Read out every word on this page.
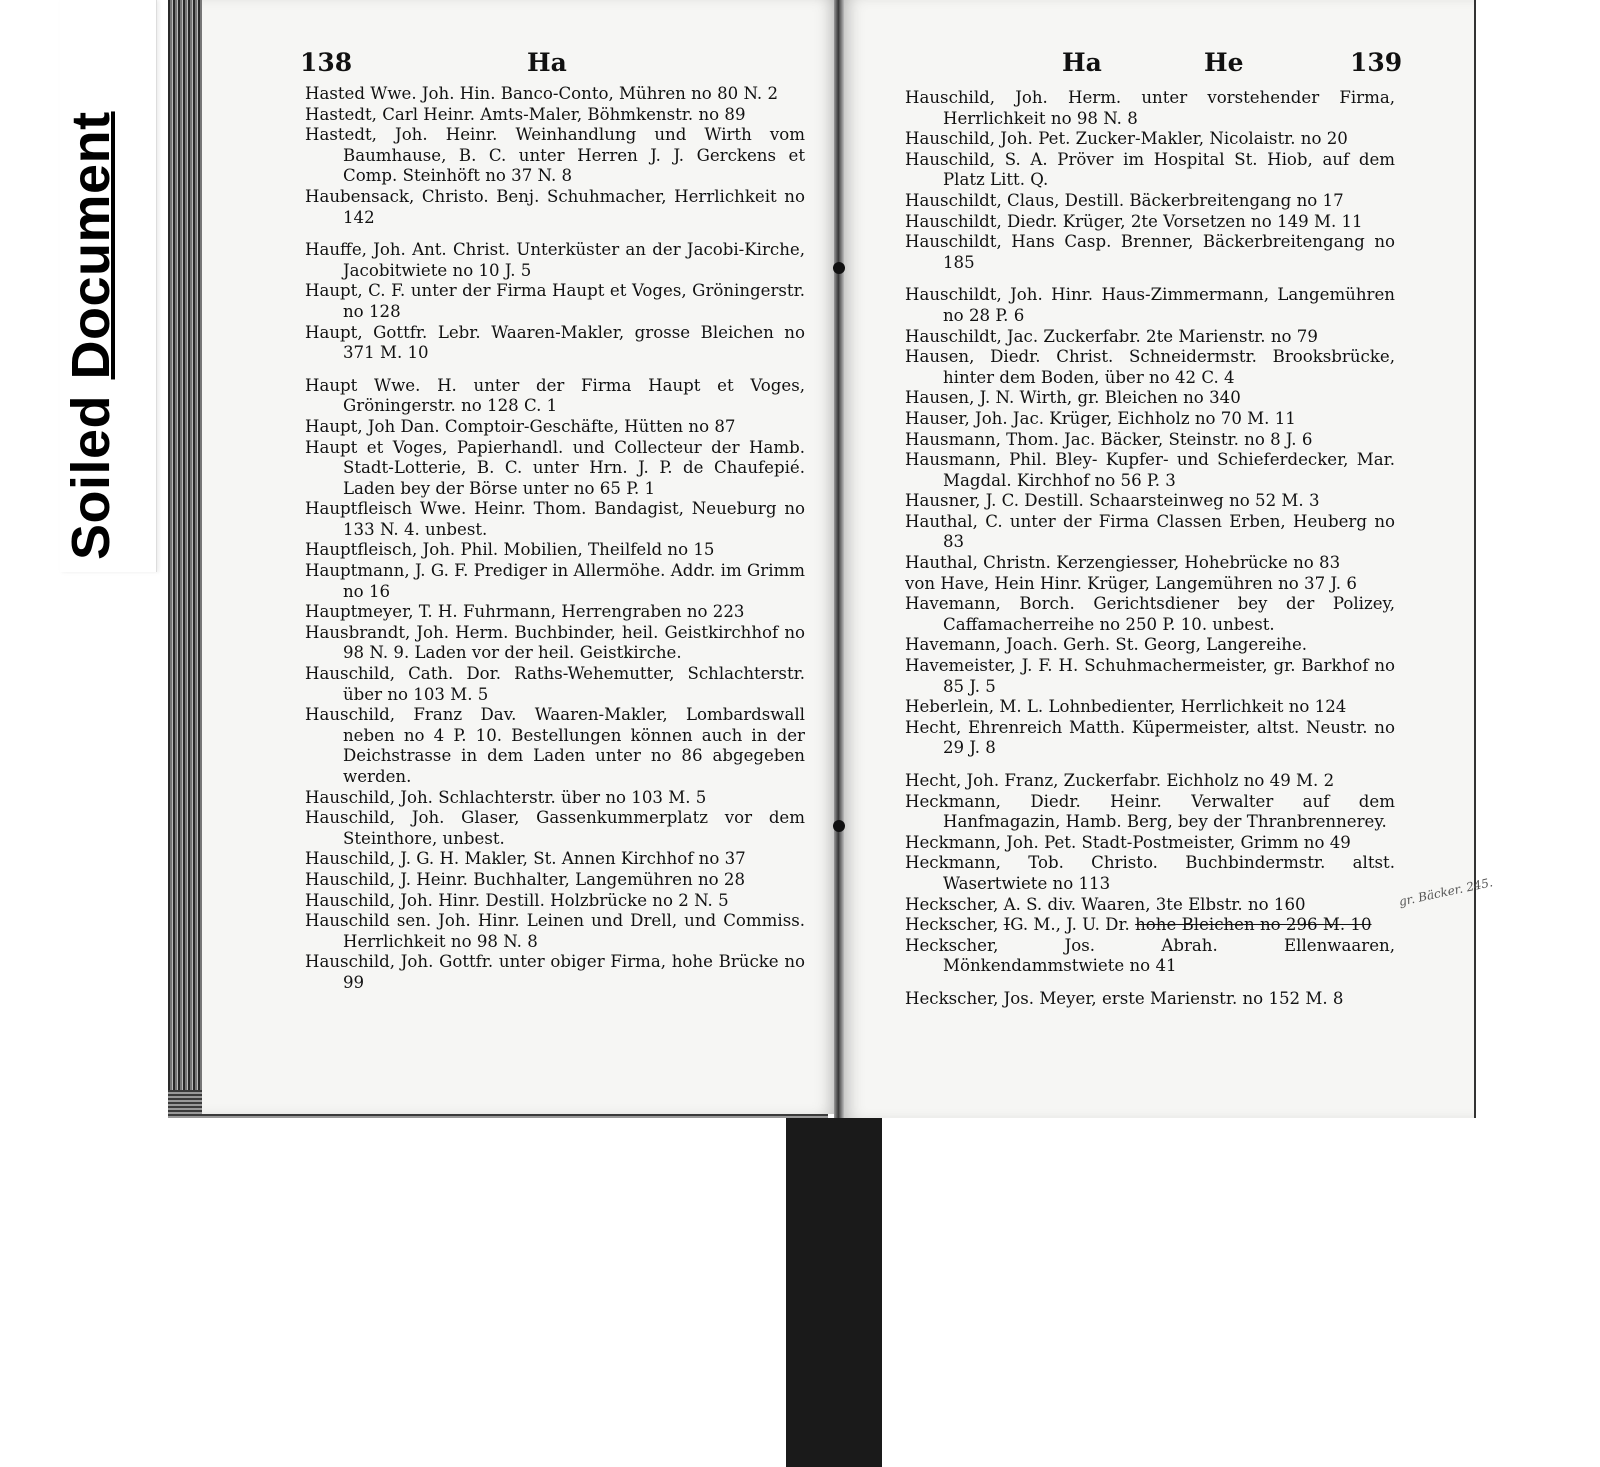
Soiled Document
138	Ha	Ha	He	139
Hasted Wwe. Joh. Hin. Banco-Conto, Mühren no 80 N. 2
Hastedt, Carl Heinr. Amts-Maler, Böhmkenstr. no 89
Hastedt, Joh. Heinr. Weinhandlung und Wirth vom Baumhause, B. C. unter Herren J. J. Gerckens et Comp. Steinhöft no 37 N. 8
Haubensack, Christo. Benj. Schuhmacher, Herrlichkeit no 142
Hauffe, Joh. Ant. Christ. Unterküster an der Jacobi-Kirche, Jacobitwiete no 10 J. 5
Haupt, C. F. unter der Firma Haupt et Voges, Gröningerstr. no 128
Haupt, Gottfr. Lebr. Waaren-Makler, grosse Bleichen no 371 M. 10
Haupt Wwe. H. unter der Firma Haupt et Voges, Gröningerstr. no 128 C. 1
Haupt, Joh Dan. Comptoir-Geschäfte, Hütten no 87
Haupt et Voges, Papierhandl. und Collecteur der Hamb. Stadt-Lotterie, B. C. unter Hrn. J. P. de Chaufepié. Laden bey der Börse unter no 65 P. 1
Hauptfleisch Wwe. Heinr. Thom. Bandagist, Neueburg no 133 N. 4. unbest.
Hauptfleisch, Joh. Phil. Mobilien, Theilfeld no 15
Hauptmann, J. G. F. Prediger in Allermöhe. Addr. im Grimm no 16
Hauptmeyer, T. H. Fuhrmann, Herrengraben no 223
Hausbrandt, Joh. Herm. Buchbinder, heil. Geistkirchhof no 98 N. 9. Laden vor der heil. Geistkirche.
Hauschild, Cath. Dor. Raths-Wehemutter, Schlachterstr. über no 103 M. 5
Hauschild, Franz Dav. Waaren-Makler, Lombardswall neben no 4 P. 10. Bestellungen können auch in der Deichstrasse in dem Laden unter no 86 abgegeben werden.
Hauschild, Joh. Schlachterstr. über no 103 M. 5
Hauschild, Joh. Glaser, Gassenkummerplatz vor dem Steinthore, unbest.
Hauschild, J. G. H. Makler, St. Annen Kirchhof no 37
Hauschild, J. Heinr. Buchhalter, Langemühren no 28
Hauschild, Joh. Hinr. Destill. Holzbrücke no 2 N. 5
Hauschild sen. Joh. Hinr. Leinen und Drell, und Commiss. Herrlichkeit no 98 N. 8
Hauschild, Joh. Gottfr. unter obiger Firma, hohe Brücke no 99
Hauschild, Joh. Herm. unter vorstehender Firma, Herrlichkeit no 98 N. 8
Hauschild, Joh. Pet. Zucker-Makler, Nicolaistr. no 20
Hauschild, S. A. Pröver im Hospital St. Hiob, auf dem Platz Litt. Q.
Hauschildt, Claus, Destill. Bäckerbreitengang no 17
Hauschildt, Diedr. Krüger, 2te Vorsetzen no 149 M. 11
Hauschildt, Hans Casp. Brenner, Bäckerbreitengang no 185
Hauschildt, Joh. Hinr. Haus-Zimmermann, Langemühren no 28 P. 6
Hauschildt, Jac. Zuckerfabr. 2te Marienstr. no 79
Hausen, Diedr. Christ. Schneidermstr. Brooksbrücke, hinter dem Boden, über no 42 C. 4
Hausen, J. N. Wirth, gr. Bleichen no 340
Hauser, Joh. Jac. Krüger, Eichholz no 70 M. 11
Hausmann, Thom. Jac. Bäcker, Steinstr. no 8 J. 6
Hausmann, Phil. Bley- Kupfer- und Schieferdecker, Mar. Magdal. Kirchhof no 56 P. 3
Hausner, J. C. Destill. Schaarsteinweg no 52 M. 3
Hauthal, C. unter der Firma Classen Erben, Heuberg no 83
Hauthal, Christn. Kerzengiesser, Hohebrücke no 83
von Have, Hein Hinr. Krüger, Langemühren no 37 J. 6
Havemann, Borch. Gerichtsdiener bey der Polizey, Caffamacherreihe no 250 P. 10. unbest.
Havemann, Joach. Gerh. St. Georg, Langereihe.
Havemeister, J. F. H. Schuhmachermeister, gr. Barkhof no 85 J. 5
Heberlein, M. L. Lohnbedienter, Herrlichkeit no 124
Hecht, Ehrenreich Matth. Küpermeister, altst. Neustr. no 29 J. 8
Hecht, Joh. Franz, Zuckerfabr. Eichholz no 49 M. 2
Heckmann, Diedr. Heinr. Verwalter auf dem Hanfmagazin, Hamb. Berg, bey der Thranbrennerey.
Heckmann, Joh. Pet. Stadt-Postmeister, Grimm no 49
Heckmann, Tob. Christo. Buchbindermstr. altst. Wasertwiete no 113
Heckscher, A. S. div. Waaren, 3te Elbstr. no 160
Heckscher, IG. M., J. U. Dr. hohe Bleichen no 296 M. 10
Heckscher, Jos. Abrah. Ellenwaaren, Mönkendammstwiete no 41
Heckscher, Jos. Meyer, erste Marienstr. no 152 M. 8
gr. Bäcker. 245.
